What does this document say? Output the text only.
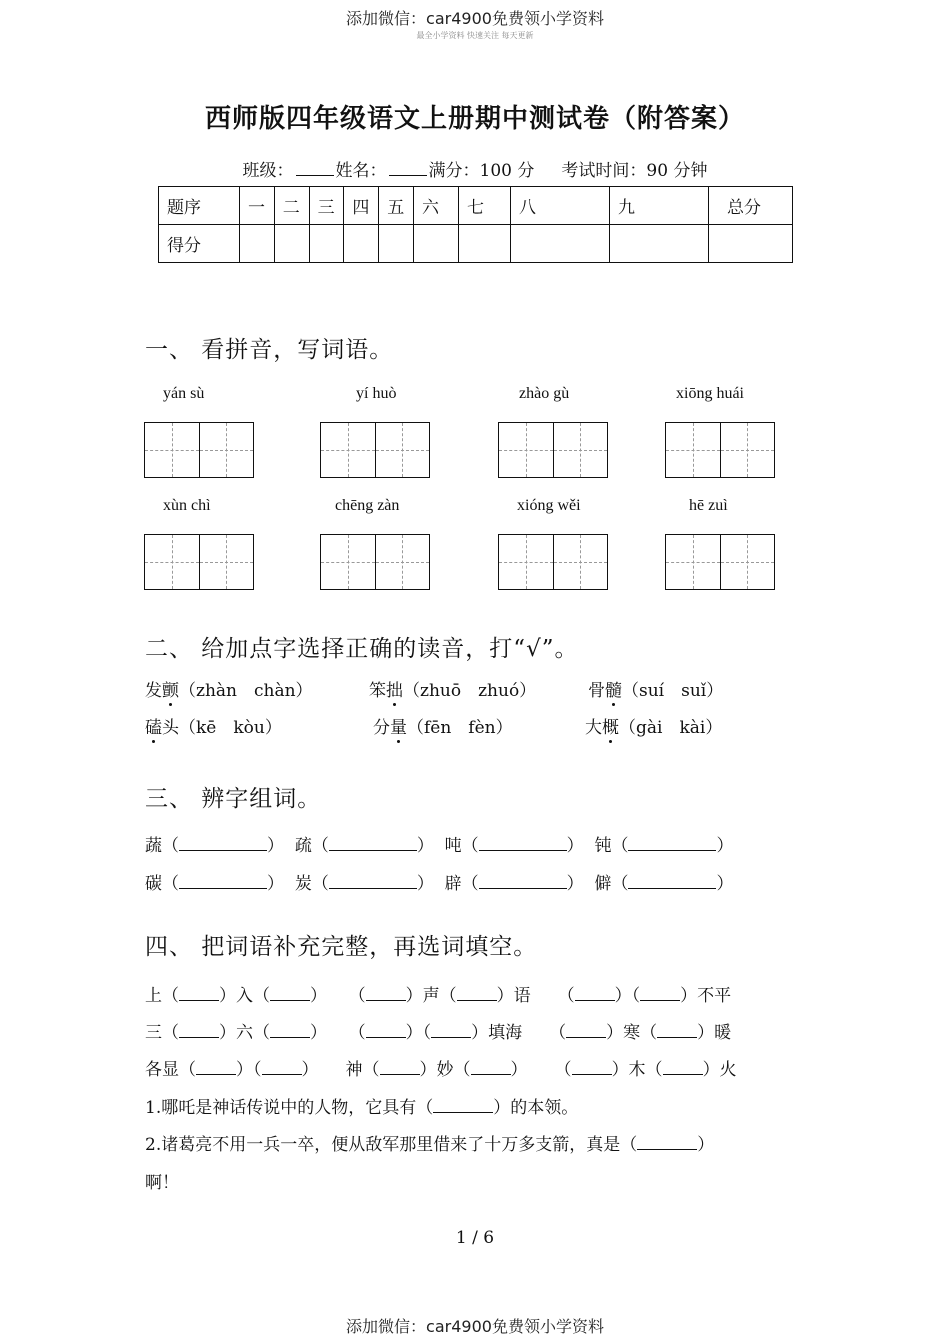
添加微信：car4900免费领小学资料
最全小学资料 快速关注 每天更新
西师版四年级语文上册期中测试卷（附答案）
班级： 姓名： 满分：100 分 考试时间：90 分钟
题序	一	二	三	四	五	六	七	八	九	总分
得分										
一、 看拼音，写词语。
yán sù	yí huò	zhào gù	xiōng huái
xùn chì	chēng zàn	xióng wěi	hē zuì
二、 给加点字选择正确的读音，打“√”。
发颤（zhàn　chàn）	笨拙（zhuō　zhuó）	骨髓（suí　suǐ）
磕头（kē　kòu）	分量（fēn　fèn）	大概（gài　kài）
三、 辨字组词。
蔬（	）  疏（	）  吨（	）  钝（	）
碳（	）  炭（	）  辟（	）  僻（	）
四、 把词语补充完整，再选词填空。
上（ ）入（ ）    （ ）声（ ）语     （ ）（ ）不平
三（ ）六（ ）    （ ）（ ）填海     （ ）寒（ ）暖
各显（ ）（ ）     神（ ）妙（ ）     （ ）木（ ）火
1.哪吒是神话传说中的人物，它具有（	）的本领。
2.诸葛亮不用一兵一卒，便从敌军那里借来了十万多支箭，真是（	）
啊！
1 / 6
添加微信：car4900免费领小学资料
